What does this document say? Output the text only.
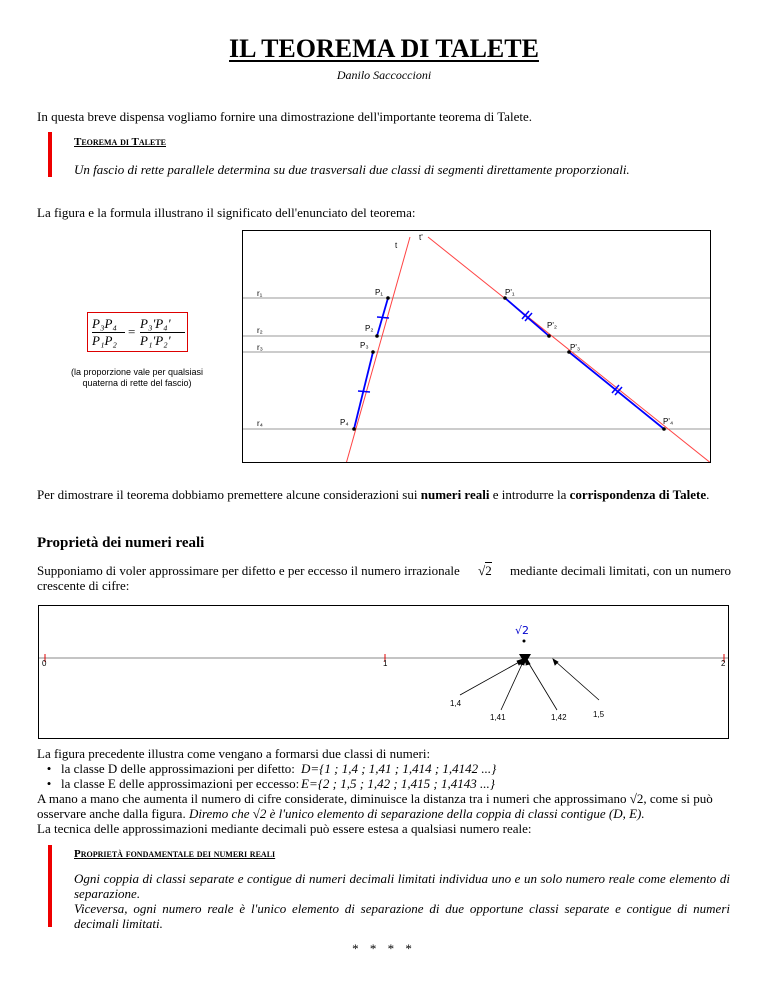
IL TEOREMA DI TALETE
Danilo Saccoccioni
In questa breve dispensa vogliamo fornire una dimostrazione dell'importante teorema di Talete.
Teorema di Talete
Un fascio di rette parallele determina su due trasversali due classi di segmenti direttamente proporzionali.
La figura e la formula illustrano il significato dell'enunciato del teorema:
P₃P₄
P₁P₂
=
P₃'P₄'
P₁'P₂'
(la proporzione vale per qualsiasi quaterna di rette del fascio)
t
t'
r₁
r₂
r₃
r₄
P₁
P₂
P₃
P₄
P'₁
P'₂
P'₃
P'₄
Per dimostrare il teorema dobbiamo premettere alcune considerazioni sui numeri reali e introdurre la corrispondenza di Talete.
Proprietà dei numeri reali
Supponiamo di voler approssimare per difetto e per eccesso il numero irrazionale √2 mediante decimali limitati, con un numero
crescente di cifre:
0	1	2
√2
1,4
1,41	1,42	1,5
La figura precedente illustra come vengano a formarsi due classi di numeri:
• la classe D delle approssimazioni per difetto: D={1 ; 1,4 ; 1,41 ; 1,414 ; 1,4142 ...}
• la classe E delle approssimazioni per eccesso: E={2 ; 1,5 ; 1,42 ; 1,415 ; 1,4143 ...}
A mano a mano che aumenta il numero di cifre considerate, diminuisce la distanza tra i numeri che approssimano √2, come si può
osservare anche dalla figura. Diremo che √2 è l'unico elemento di separazione della coppia di classi contigue (D, E).
La tecnica delle approssimazioni mediante decimali può essere estesa a qualsiasi numero reale:
Proprietà fondamentale dei numeri reali
Ogni coppia di classi separate e contigue di numeri decimali limitati individua uno e un solo numero reale come elemento di separazione.
Viceversa, ogni numero reale è l'unico elemento di separazione di due opportune classi separate e contigue di numeri decimali limitati.
* * * *
